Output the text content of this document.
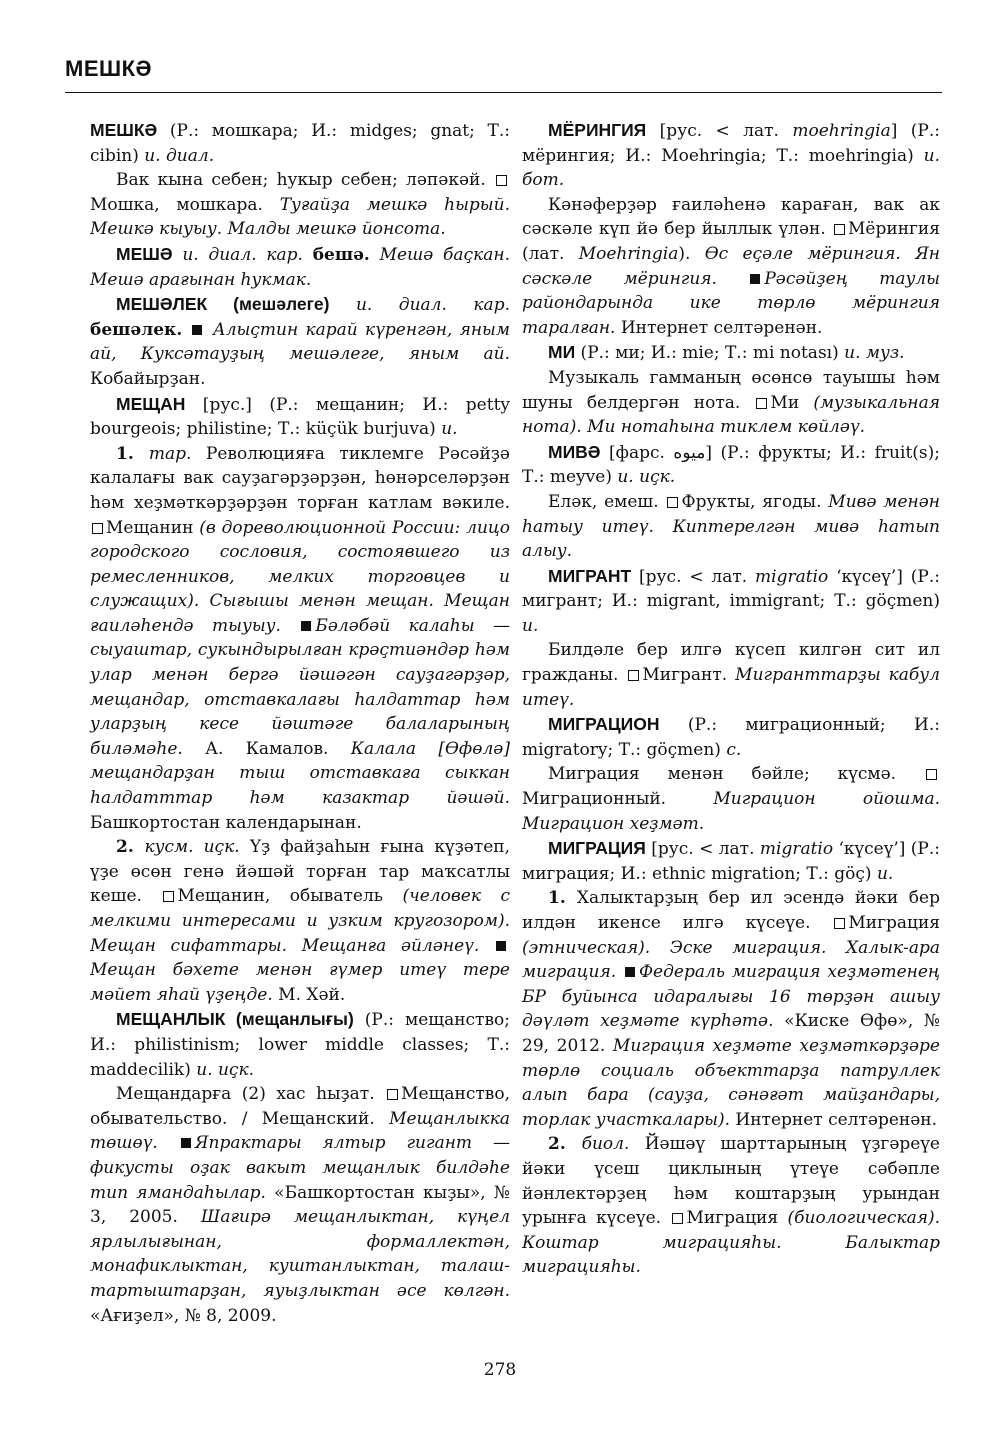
МЕШКӘ

МЕШКӘ (Р.: мошкара; И.: midges; gnat; Т.: cibin) и. диал.

Вак кына себен; һукыр себен; ләпәкәй. Мошка, мошкара. Туғайҙа мешкә һырый. Мешкә кыуыу. Малды мешкә йонсота.

МЕШӘ и. диал. кар. бешә. Мешә баҫкан. Мешә арағынан һукмак.

МЕШӘЛЕК (мешәлеге) и. диал. кар. бешәлек.  Алыҫтин карай күренгән, яным ай, Куксәтауҙың мешәлеге, яным ай. Кобайырҙан.

МЕЩАН [рус.] (Р.: мещанин; И.: petty bourgeois; philistine; Т.: küçük burjuva) и.

1. тар. Революцияға тиклемге Рәсәйҙә калалағы вак сауҙагәрҙәрҙән, һөнәрселәрҙән һәм хеҙмәткәрҙәрҙән торған катлам вәкиле. Мещанин (в дореволюционной России: лицо городского сословия, состоявшего из ремесленников, мелких торговцев и служащих). Сығышы менән мещан. Мещан ғаиләһендә тыуыу. Бәләбәй калаһы — сыуаштар, сукындырылған крәҫтиәндәр һәм улар менән бергә йәшәгән сауҙагәрҙәр, мещандар, отставкалағы һалдаттар һәм уларҙың кесе йәштәге балаларының биләмәһе. А. Камалов. Калала [Өфөлә] мещандарҙан тыш отставкаға сыккан һалдатттар һәм казактар йәшәй. Башкортостан календарынан.

2. кусм. иҫк. Үҙ файҙаһын ғына күҙәтеп, үҙе өсөн генә йәшәй торған тар маҡсатлы кеше. Мещанин, обыватель (человек с мелкими интересами и узким кругозором). Мещан сифаттары. Мещанға әйләнеү. Мещан бәхете менән ғүмер итеү тере мәйет яһай үҙеңде. М. Хәй.

МЕЩАНЛЫК (мещанлығы) (Р.: мещанство; И.: philistinism; lower middle classes; Т.: maddecilik) и. иҫк.

Мещандарға (2) хас һыҙат. Мещанство, обывательство. / Мещанский. Мещанлыкка төшөү. Япрактары ялтыр гигант — фикусты оҙак вакыт мещанлык билдәһе тип ямандаһылар. «Башкортостан кыҙы», № 3, 2005. Шағирә мещанлыктан, күңел ярлылығынан, формаллектән, монафиклыктан, куштанлыктан, талаш-тартыштарҙан, яуыҙлыктан әсе көлгән. «Ағиҙел», № 8, 2009.

МЁРИНГИЯ [рус. < лат. moehringia] (Р.: мёрингия; И.: Moehringia; Т.: moehringia) и. бот.

Кәнәферҙәр ғаиләһенә караған, вак ак сәскәле күп йә бер йыллык үлән. Мёрингия (лат. Moehringia). Өс еҫәле мёрингия. Ян сәскәле мёрингия. Рәсәйҙең таулы райондарында ике төрлө мёрингия таралған. Интернет селтәренән.

МИ (Р.: ми; И.: mie; Т.: mi notası) и. муз.

Музыкаль гамманың өсөнсө тауышы һәм шуны белдергән нота. Ми (музыкальная нота). Ми нотаһына тиклем көйләү.

МИВӘ [фарс. میوه] (Р.: фрукты; И.: fruit(s); Т.: meyve) и. иҫк.

Еләк, емеш. Фрукты, ягоды. Мивә менән һатыу итеү. Киптерелгән мивә һатып алыу.

МИГРАНТ [рус. < лат. migratio ‘күсеү’] (Р.: мигрант; И.: migrant, immigrant; Т.: göçmen) и.

Билдәле бер илгә күсеп килгән сит ил гражданы. Мигрант. Мигранттарҙы кабул итеү.

МИГРАЦИОН (Р.: миграционный; И.: migratory; Т.: göçmen) с.

Миграция менән бәйле; күсмә. Миграционный. Миграцион ойошма. Миграцион хеҙмәт.

МИГРАЦИЯ [рус. < лат. migratio ‘күсеү’] (Р.: миграция; И.: ethnic migration; Т.: göç) и.

1. Халыктарҙың бер ил эсендә йәки бер илдән икенсе илгә күсеүе. Миграция (этническая). Эске миграция. Халык-ара миграция. Федераль миграция хеҙмәтенең БР буйынса идаралығы 16 төрҙән ашыу дәүләт хеҙмәте күрһәтә. «Киске Өфө», № 29, 2012. Миграция хеҙмәте хеҙмәткәрҙәре төрлө социаль объекттарҙа патруллек алып бара (сауҙа, сәнәғәт майҙандары, торлак участкалары). Интернет селтәренән.

2. биол. Йәшәү шарттарының үҙгәреүе йәки үсеш циклының үтеүе сәбәпле йәнлектәрҙең һәм коштарҙың урындан урынға күсеүе. Миграция (биологическая). Коштар миграцияһы. Балыктар миграцияһы.

278
